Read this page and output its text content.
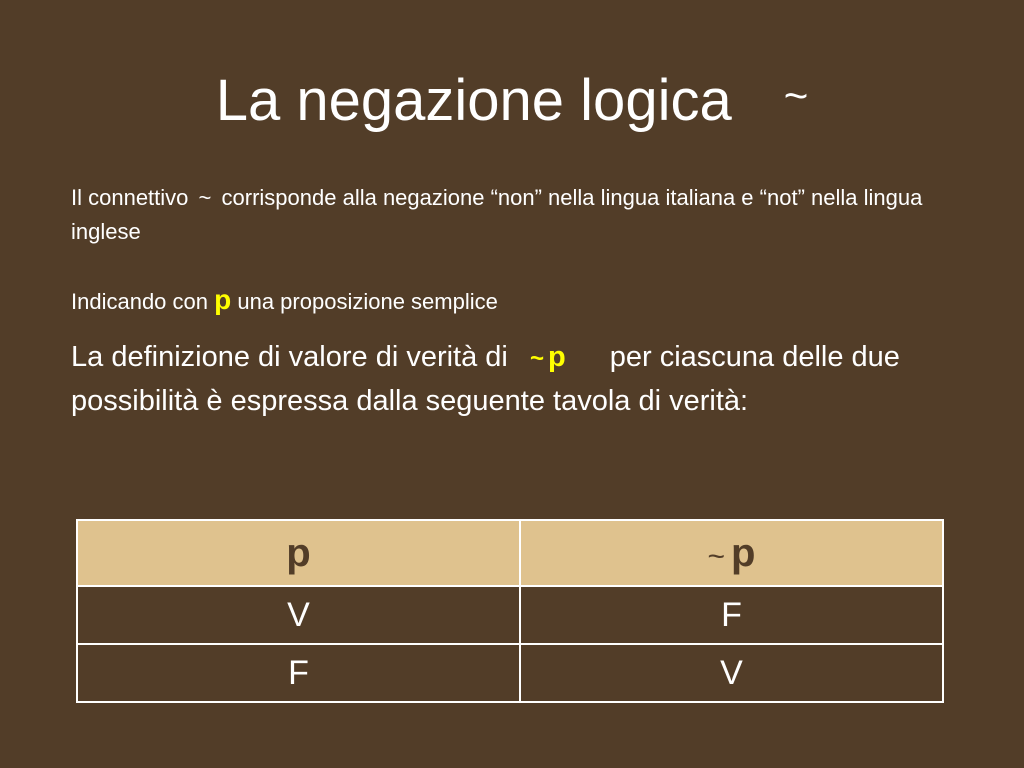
La negazione logica ~
Il connettivo ~ corrisponde alla negazione “non” nella lingua italiana e “not” nella lingua inglese
Indicando con p una proposizione semplice
La definizione di valore di verità di ~ p per ciascuna delle due possibilità è espressa dalla seguente tavola di verità:
p	~ p
V	F
F	V
